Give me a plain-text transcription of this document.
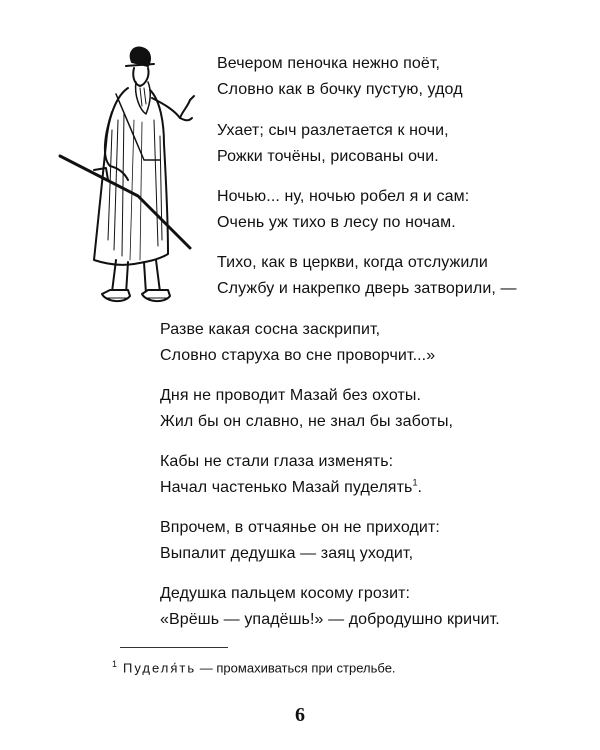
Вечером пеночка нежно поёт,
Словно как в бочку пустую, удод
Ухает; сыч разлетается к ночи,
Рожки точёны, рисованы очи.
Ночью... ну, ночью робел я и сам:
Очень уж тихо в лесу по ночам.
Тихо, как в церкви, когда отслужили
Службу и накрепко дверь затворили, —
Разве какая сосна заскрипит,
Словно старуха во сне проворчит...»
Дня не проводит Мазай без охоты.
Жил бы он славно, не знал бы заботы,
Кабы не стали глаза изменять:
Начал частенько Мазай пуделять$^1$.
Впрочем, в отчаянье он не приходит:
Выпалит дедушка — заяц уходит,
Дедушка пальцем косому грозит:
«Врёшь — упадёшь!» — добродушно кричит.
$^1$ Пуделя́ть — промахиваться при стрельбе.
6
